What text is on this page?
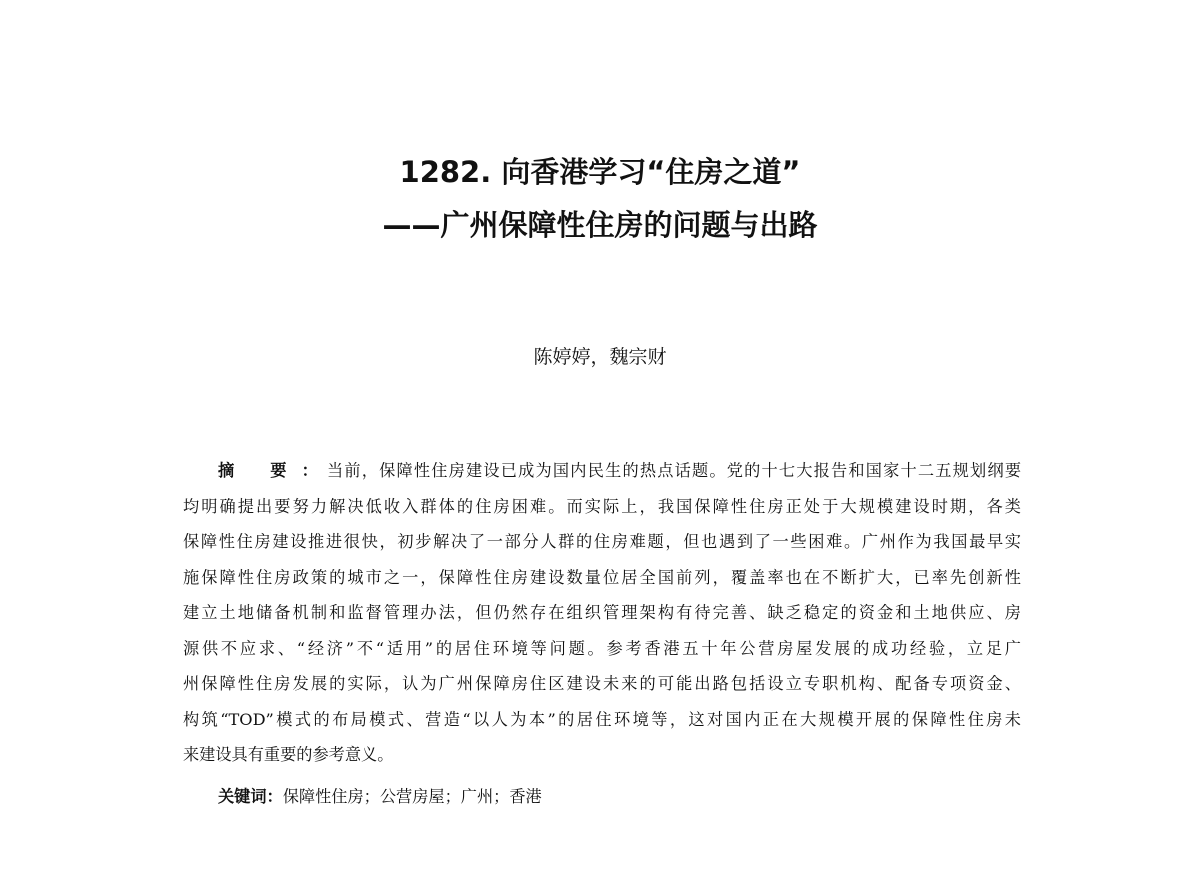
1282. 向香港学习“住房之道”
——广州保障性住房的问题与出路
陈婷婷，魏宗财
摘 要：当前，保障性住房建设已成为国内民生的热点话题。党的十七大报告和国家十二五规划纲要
均明确提出要努力解决低收入群体的住房困难。而实际上，我国保障性住房正处于大规模建设时期，各类
保障性住房建设推进很快，初步解决了一部分人群的住房难题，但也遇到了一些困难。广州作为我国最早实
施保障性住房政策的城市之一，保障性住房建设数量位居全国前列，覆盖率也在不断扩大，已率先创新性
建立土地储备机制和监督管理办法，但仍然存在组织管理架构有待完善、缺乏稳定的资金和土地供应、房
源供不应求、“经济”不“适用”的居住环境等问题。参考香港五十年公营房屋发展的成功经验，立足广
州保障性住房发展的实际，认为广州保障房住区建设未来的可能出路包括设立专职机构、配备专项资金、
构筑“TOD”模式的布局模式、营造“以人为本”的居住环境等，这对国内正在大规模开展的保障性住房未
来建设具有重要的参考意义。
关键词：保障性住房；公营房屋；广州；香港
